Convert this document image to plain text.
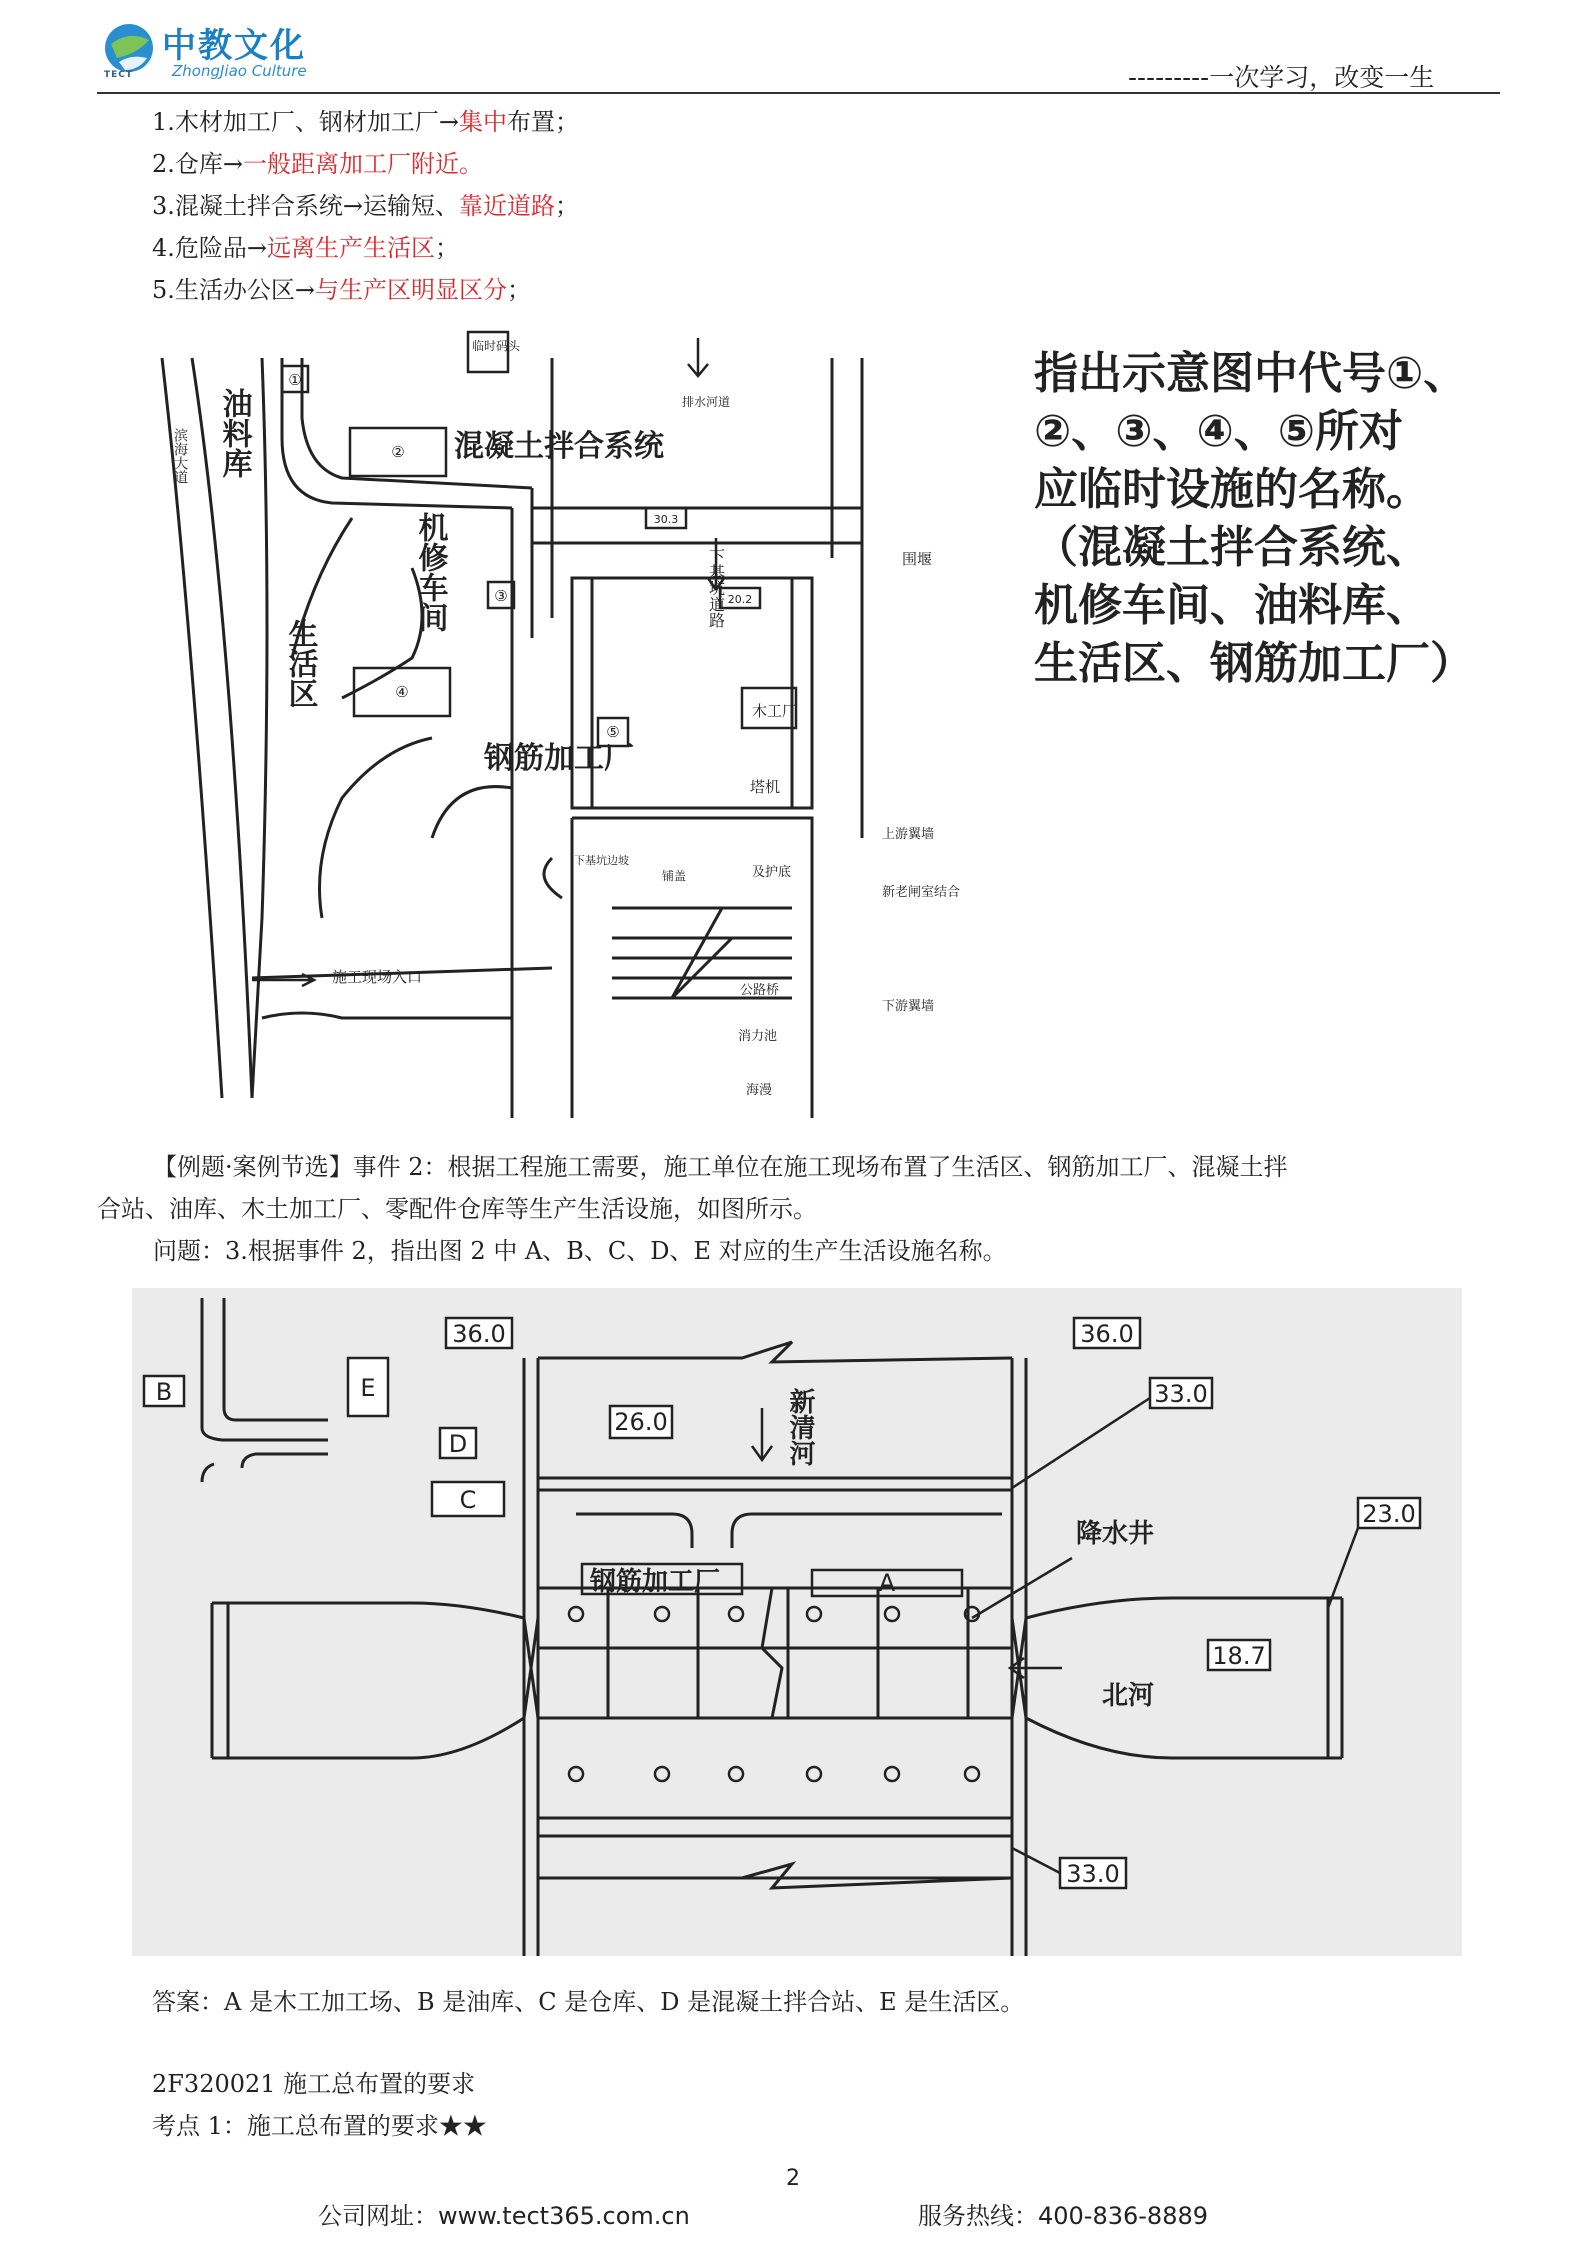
中教文化
ZhongJiao Culture
TECT	---------一次学习，改变一生
1.木材加工厂、钢材加工厂→集中布置；
2.仓库→一般距离加工厂附近。
3.混凝土拌合系统→运输短、靠近道路；
4.危险品→远离生产生活区；
5.生活办公区→与生产区明显区分；
①
②
③
④
⑤
30.3
20.2
油料库
机修车间
生活区
滨海大道
下基坑道路
混凝土拌合系统
钢筋加工厂
木工厂
塔机
施工现场入口
围堰
临时码头
排水河道
上游翼墙
新老闸室结合
公路桥
下游翼墙
消力池
海漫
及护底
下基坑边坡
铺盖
指出示意图中代号①、
②、③、④、⑤所对
应临时设施的名称。
（混凝土拌合系统、
机修车间、油料库、
生活区、钢筋加工厂）
【例题·案例节选】事件 2：根据工程施工需要，施工单位在施工现场布置了生活区、钢筋加工厂、混凝土拌
合站、油库、木土加工厂、零配件仓库等生产生活设施，如图所示。
问题：3.根据事件 2，指出图 2 中 A、B、C、D、E 对应的生产生活设施名称。
B	E
D
C
36.0	36.0
26.0
33.0
23.0
18.7
33.0
A
钢筋加工厂
降水井
北河
新清河
答案：A 是木工加工场、B 是油库、C 是仓库、D 是混凝土拌合站、E 是生活区。
2F320021 施工总布置的要求
考点 1：施工总布置的要求★★
2
公司网址：www.tect365.com.cn	服务热线：400-836-8889
